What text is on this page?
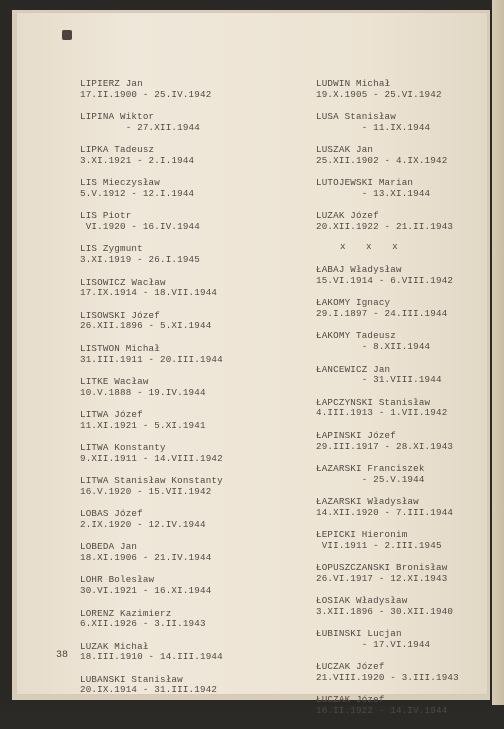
LIPIERZ Jan
17.II.1900 - 25.IV.1942
LIPINA Wiktor
- 27.XII.1944
LIPKA Tadeusz
3.XI.1921 - 2.I.1944
LIS Mieczysław
5.V.1912 - 12.I.1944
LIS Piotr
VI.1920 - 16.IV.1944
LIS Zygmunt
3.XI.1919 - 26.I.1945
LISOWICZ Wacław
17.IX.1914 - 18.VII.1944
LISOWSKI Józef
26.XII.1896 - 5.XI.1944
LISTWON Michał
31.III.1911 - 20.III.1944
LITKE Wacław
10.V.1888 - 19.IV.1944
LITWA Józef
11.XI.1921 - 5.XI.1941
LITWA Konstanty
9.XII.1911 - 14.VIII.1942
LITWA Stanisław Konstanty
16.V.1920 - 15.VII.1942
LOBAS Józef
2.IX.1920 - 12.IV.1944
LOBEDA Jan
18.XI.1906 - 21.IV.1944
LOHR Bolesław
30.VI.1921 - 16.XI.1944
LORENZ Kazimierz
6.XII.1926 - 3.II.1943
LUZAK Michał
18.III.1910 - 14.III.1944
LUBANSKI Stanisław
20.IX.1914 - 31.III.1942
LUDWIN Michał
19.X.1905 - 25.VI.1942
LUSA Stanisław
- 11.IX.1944
LUSZAK Jan
25.XII.1902 - 4.IX.1942
LUTOJEWSKI Marian
- 13.XI.1944
LUZAK Józef
20.XII.1922 - 21.II.1943
x   x   x
ŁABAJ Władysław
15.VI.1914 - 6.VIII.1942
ŁAKOMY Ignacy
29.I.1897 - 24.III.1944
ŁAKOMY Tadeusz
- 8.XII.1944
ŁANCEWICZ Jan
- 31.VIII.1944
ŁAPCZYNSKI Stanisław
4.III.1913 - 1.VII.1942
ŁAPINSKI Józef
29.III.1917 - 28.XI.1943
ŁAZARSKI Franciszek
- 25.V.1944
ŁAZARSKI Władysław
14.XII.1920 - 7.III.1944
ŁEPICKI Hieronim
VII.1911 - 2.III.1945
ŁOPUSZCZANSKI Bronisław
26.VI.1917 - 12.XI.1943
ŁOSIAK Władysław
3.XII.1896 - 30.XII.1940
ŁUBINSKI Lucjan
- 17.VI.1944
ŁUCZAK Józef
21.VIII.1920 - 3.III.1943
ŁUCZAK Józef
16.II.1922 - 14.IV.1944
38
